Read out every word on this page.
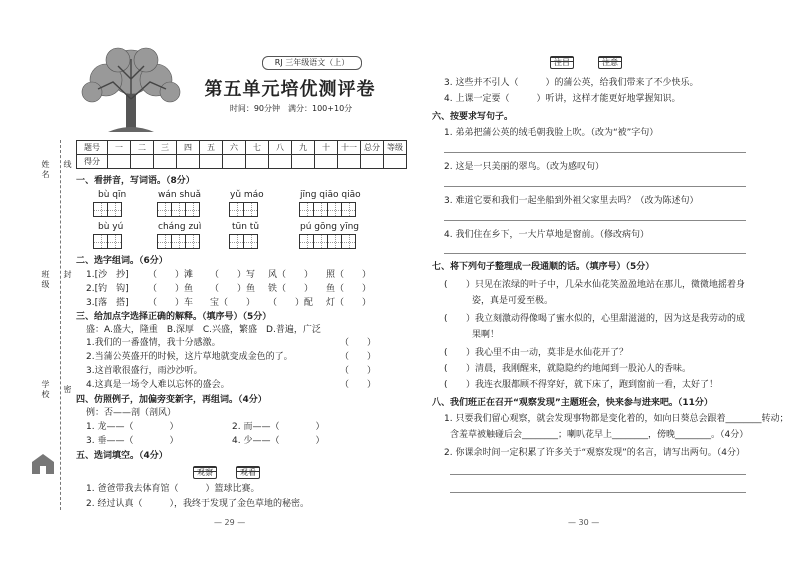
RJ 三年级语文（上）
第五单元培优测评卷
时间：90分钟　满分：100+10分
姓名 线
班级 封
学校 密
题号	一	二	三	四	五	六	七	八	九	十	十一	总分	等级
得分													
一、看拼音，写词语。（8分）
bù qīn	wán shuǎ	yǔ máo	jīng qiāo qiāo
bù yú	cháng zuì	tūn tǔ	pú gōng yīng
二、选字组词。（6分）
1.[沙　抄] （　　）滩 （　　）写 风（　　） 照（　　）
2.[钓　钩] （　　）鱼 （　　）鱼 铁（　　） 鱼（　　）
3.[落　搭] （　　）车 宝（　　） （　　）配 灯（　　）
三、给加点字选择正确的解释。（填序号）（5分）
盛：A.盛大，隆重　B.深厚　C.兴盛，繁盛　D.普遍，广泛
1.我们的一番盛情，我十分感激。
2.当蒲公英盛开的时候，这片草地就变成金色的了。
3.这首歌很盛行，雨沙沙听。
4.这真是一场令人难以忘怀的盛会。
（　　）
（　　）
（　　）
（　　）
四、仿照例子，加偏旁变新字，再组词。（4分）
例：否——剖（剖风）
1. 龙——（　　　　）	2. 而——（　　　　）
3. 垂——（　　　　）	4. 少——（　　　　）
五、选词填空。（4分）
观察	观看
1. 爸爸带我去体育馆（　　　）篮球比赛。
2. 经过认真（　　　），我终于发现了金色草地的秘密。
— 29 —
注目	注意
3. 这些并不引人（　　　）的蒲公英，给我们带来了不少快乐。
4. 上课一定要（　　　）听讲，这样才能更好地掌握知识。
六、按要求写句子。
1. 弟弟把蒲公英的绒毛朝我脸上吹。（改为“被”字句）
2. 这是一只美丽的翠鸟。（改为感叹句）
3. 难道它要和我们一起坐船到外祖父家里去吗？（改为陈述句）
4. 我们住在乡下，一大片草地是窗前。（修改病句）
七、将下列句子整理成一段通顺的话。（填序号）（5分）
( ）只见在浓绿的叶子中，几朵水仙花笑盈盈地站在那儿，微微地摇着身
姿，真是可爱至极。
( ）我立刻激动得像喝了蜜水似的，心里甜滋滋的，因为这是我劳动的成
果啊！
( ）我心里不由一动，莫非是水仙花开了？
( ）清晨，我刚醒来，就隐隐约约地闻到一股沁人的香味。
( ）我连衣服都顾不得穿好，就下床了，跑到窗前一看，太好了！
八、我们班正在召开“观察发现”主题班会，快来参与进来吧。（11分）
1. 只要我们留心观察，就会发现事物都是变化着的，如向日葵总会跟着________转动；
含羞草被触碰后会________；喇叭花早上________，傍晚________。（4分）
2. 你课余时间一定积累了许多关于“观察发现”的名言，请写出两句。（4分）
— 30 —
